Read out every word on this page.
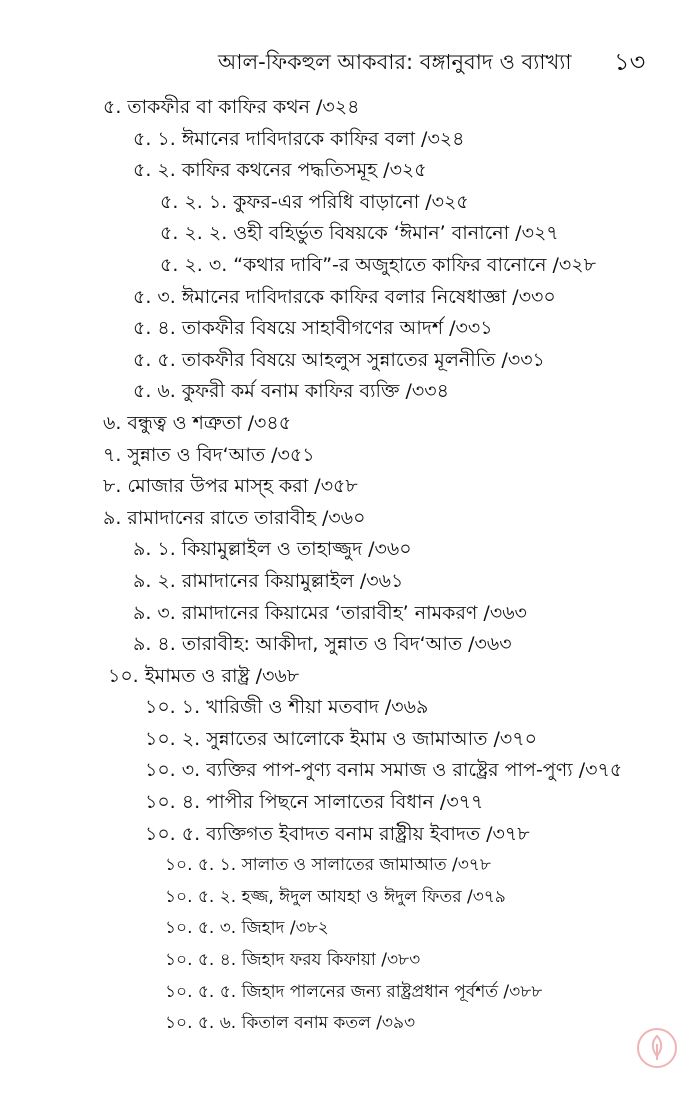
আল-ফিকহুল আকবার: বঙ্গানুবাদ ও ব্যাখ্যা ১৩
৫. তাকফীর বা কাফির কথন /৩২৪
৫. ১. ঈমানের দাবিদারকে কাফির বলা /৩২৪
৫. ২. কাফির কথনের পদ্ধতিসমূহ /৩২৫
৫. ২. ১. কুফর-এর পরিধি বাড়ানো /৩২৫
৫. ২. ২. ওহী বহির্ভুত বিষয়কে ‘ঈমান’ বানানো /৩২৭
৫. ২. ৩. “কথার দাবি”-র অজুহাতে কাফির বানোনে /৩২৮
৫. ৩. ঈমানের দাবিদারকে কাফির বলার নিষেধাজ্ঞা /৩৩০
৫. ৪. তাকফীর বিষয়ে সাহাবীগণের আদর্শ /৩৩১
৫. ৫. তাকফীর বিষয়ে আহলুস সুন্নাতের মূলনীতি /৩৩১
৫. ৬. কুফরী কর্ম বনাম কাফির ব্যক্তি /৩৩৪
৬. বন্ধুত্ব ও শত্রুতা /৩৪৫
৭. সুন্নাত ও বিদ‘আত /৩৫১
৮. মোজার উপর মাস্হ করা /৩৫৮
৯. রামাদানের রাতে তারাবীহ /৩৬০
৯. ১. কিয়ামুল্লাইল ও তাহাজ্জুদ /৩৬০
৯. ২. রামাদানের কিয়ামুল্লাইল /৩৬১
৯. ৩. রামাদানের কিয়ামের ‘তারাবীহ’ নামকরণ /৩৬৩
৯. ৪. তারাবীহ: আকীদা, সুন্নাত ও বিদ‘আত /৩৬৩
১০. ইমামত ও রাষ্ট্র /৩৬৮
১০. ১. খারিজী ও শীয়া মতবাদ /৩৬৯
১০. ২. সুন্নাতের আলোকে ইমাম ও জামাআত /৩৭০
১০. ৩. ব্যক্তির পাপ-পুণ্য বনাম সমাজ ও রাষ্ট্রের পাপ-পুণ্য /৩৭৫
১০. ৪. পাপীর পিছনে সালাতের বিধান /৩৭৭
১০. ৫. ব্যক্তিগত ইবাদত বনাম রাষ্ট্রীয় ইবাদত /৩৭৮
১০. ৫. ১. সালাত ও সালাতের জামাআত /৩৭৮
১০. ৫. ২. হজ্জ, ঈদুল আযহা ও ঈদুল ফিতর /৩৭৯
১০. ৫. ৩. জিহাদ /৩৮২
১০. ৫. ৪. জিহাদ ফরয কিফায়া /৩৮৩
১০. ৫. ৫. জিহাদ পালনের জন্য রাষ্ট্রপ্রধান পূর্বশর্ত /৩৮৮
১০. ৫. ৬. কিতাল বনাম কতল /৩৯৩
